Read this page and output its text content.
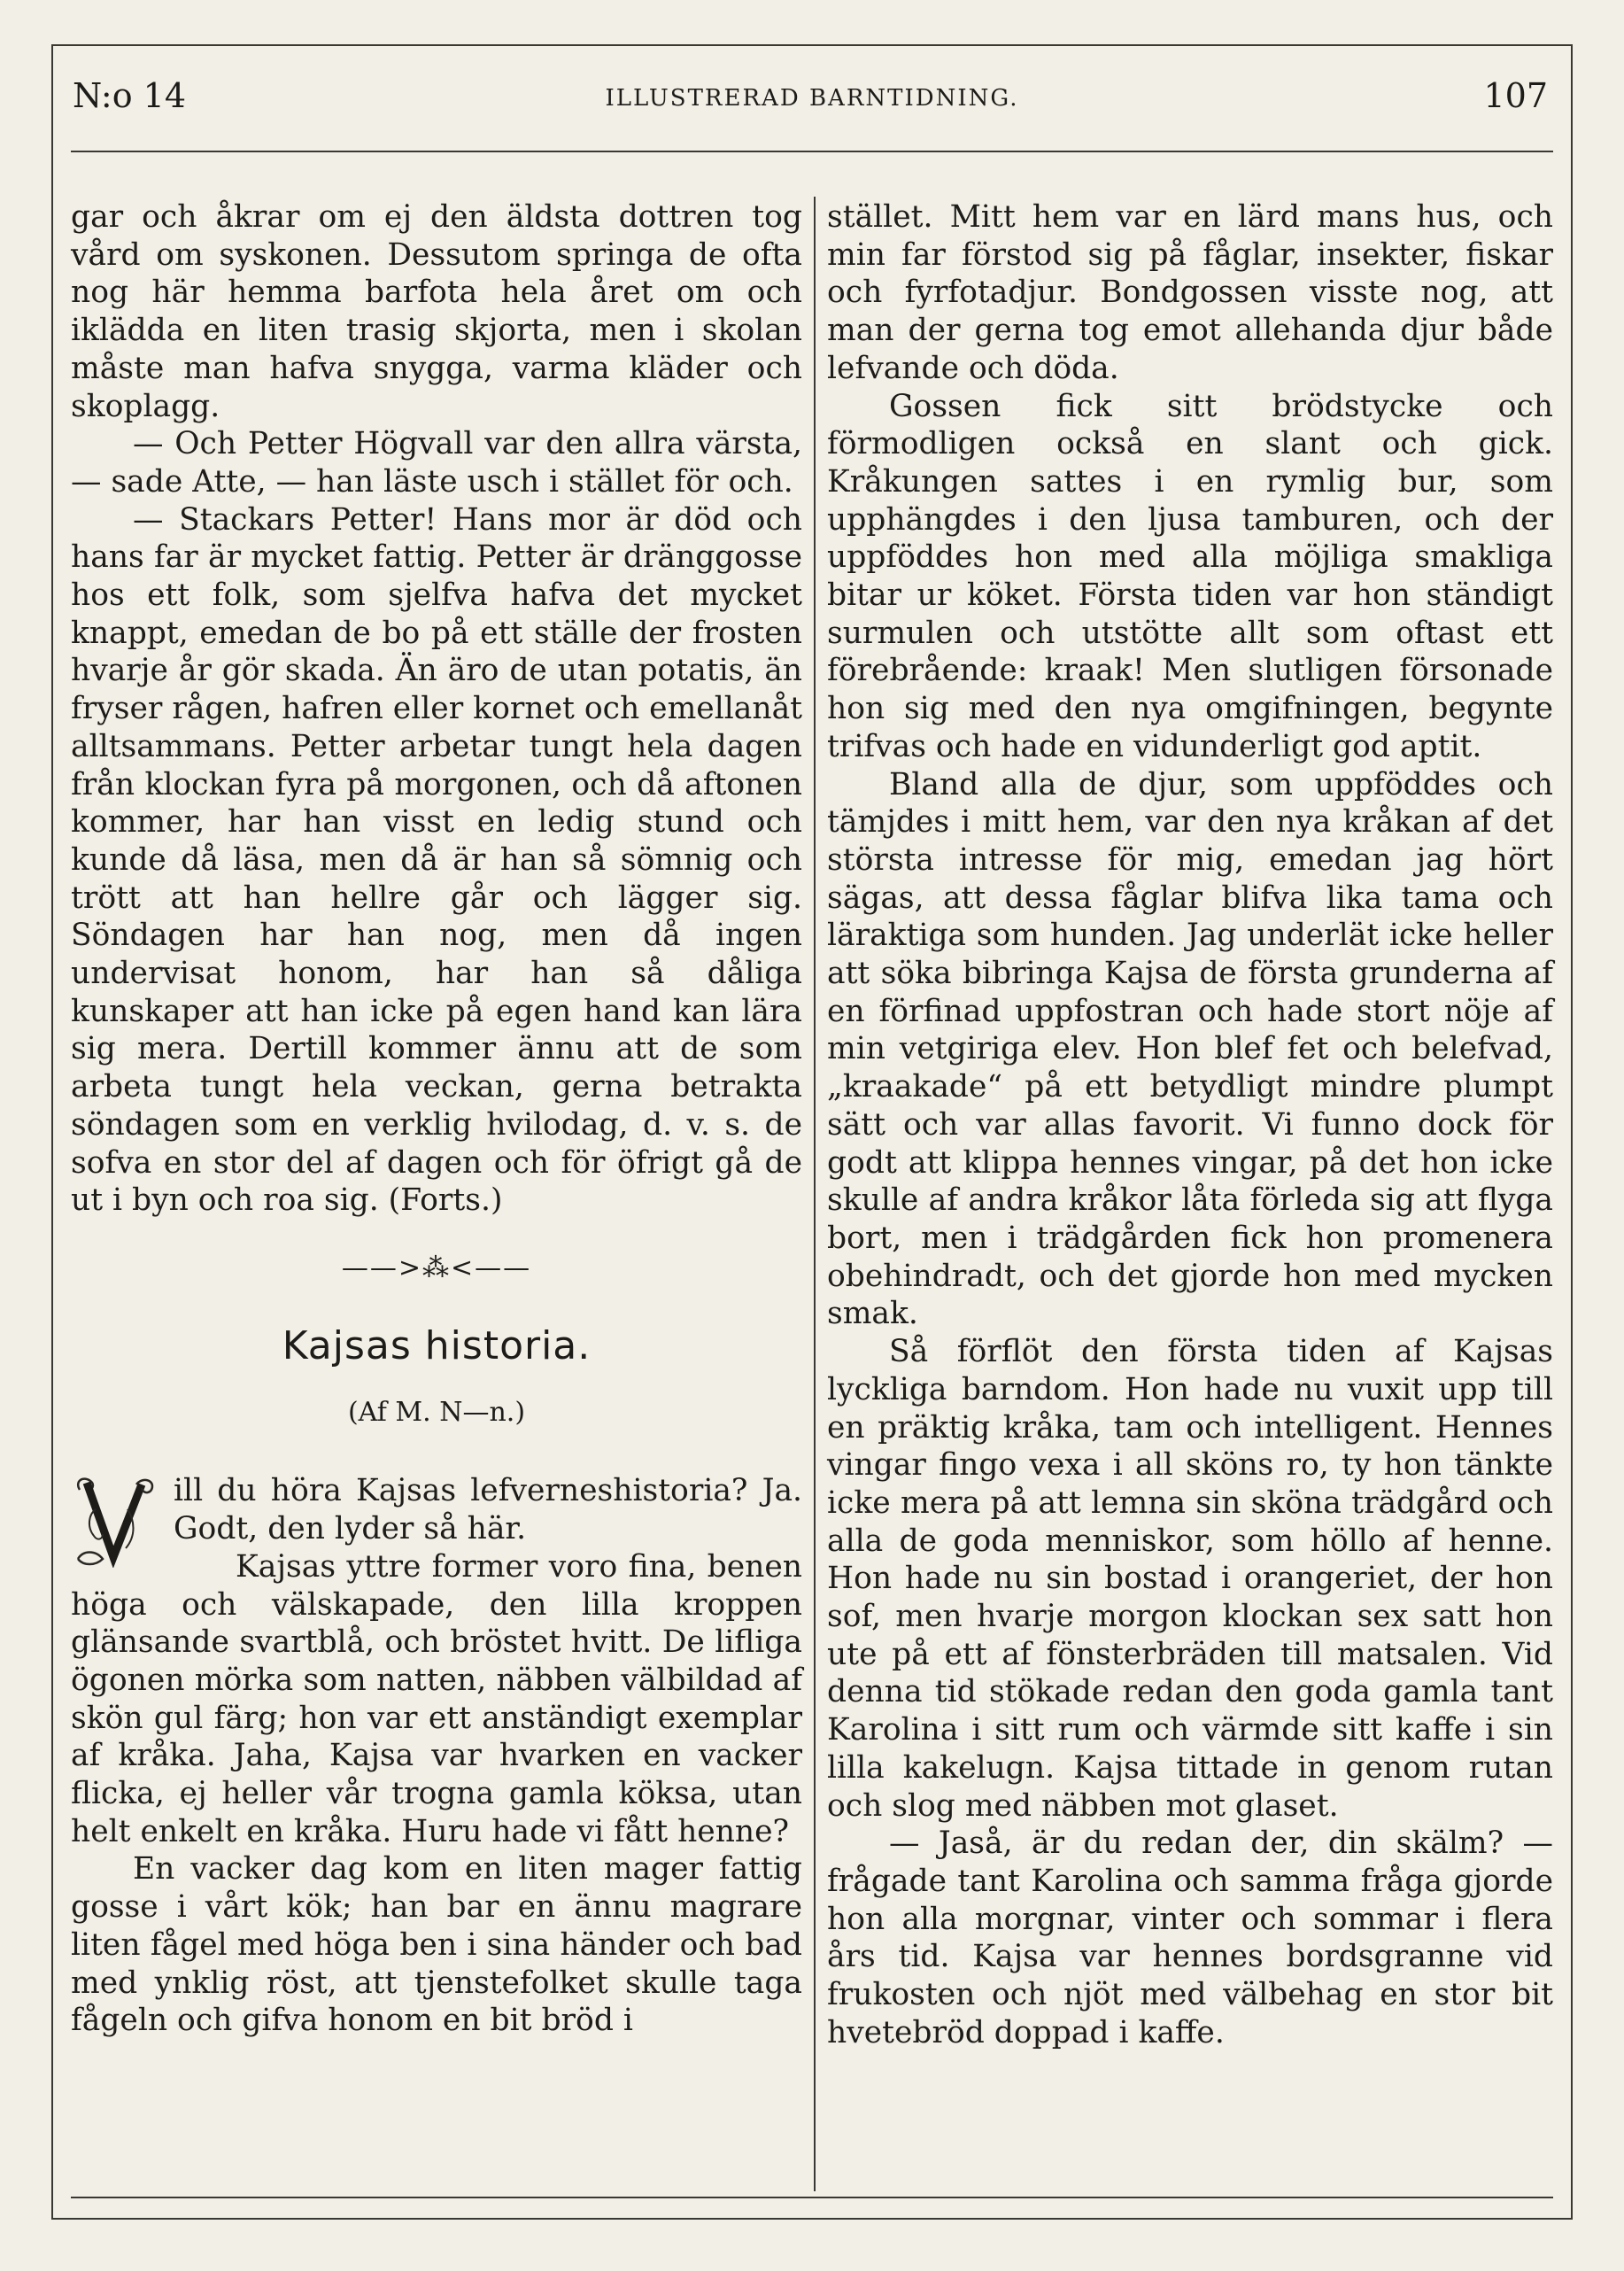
N:o 14	ILLUSTRERAD BARNTIDNING.	107

gar och åkrar om ej den äldsta dottren tog vård om syskonen. Dessutom springa de ofta nog här hemma barfota hela året om och iklädda en liten trasig skjorta, men i skolan måste man hafva snygga, varma kläder och skoplagg.

— Och Petter Högvall var den allra värsta, — sade Atte, — han läste usch i stället för och.

— Stackars Petter! Hans mor är död och hans far är mycket fattig. Petter är dränggosse hos ett folk, som sjelfva hafva det mycket knappt, emedan de bo på ett ställe der frosten hvarje år gör skada. Än äro de utan potatis, än fryser rågen, hafren eller kornet och emellanåt alltsammans. Petter arbetar tungt hela dagen från klockan fyra på morgonen, och då aftonen kommer, har han visst en ledig stund och kunde då läsa, men då är han så sömnig och trött att han hellre går och lägger sig. Söndagen har han nog, men då ingen undervisat honom, har han så dåliga kunskaper att han icke på egen hand kan lära sig mera. Dertill kommer ännu att de som arbeta tungt hela veckan, gerna betrakta söndagen som en verklig hvilodag, d. v. s. de sofva en stor del af dagen och för öfrigt gå de ut i byn och roa sig. (Forts.)

——>⁂<——
Kajsas historia.
(Af M. N—n.)

ill du höra Kajsas lefverneshistoria? Ja. Godt, den lyder så här.

Kajsas yttre former voro fina, benen höga och välskapade, den lilla kroppen glänsande svartblå, och bröstet hvitt. De lifliga ögonen mörka som natten, näbben välbildad af skön gul färg; hon var ett anständigt exemplar af kråka. Jaha, Kajsa var hvarken en vacker flicka, ej heller vår trogna gamla köksa, utan helt enkelt en kråka. Huru hade vi fått henne?

En vacker dag kom en liten mager fattig gosse i vårt kök; han bar en ännu magrare liten fågel med höga ben i sina händer och bad med ynklig röst, att tjenstefolket skulle taga fågeln och gifva honom en bit bröd i

stället. Mitt hem var en lärd mans hus, och min far förstod sig på fåglar, insekter, fiskar och fyrfotadjur. Bondgossen visste nog, att man der gerna tog emot allehanda djur både lefvande och döda.

Gossen fick sitt brödstycke och förmodligen också en slant och gick. Kråkungen sattes i en rymlig bur, som upphängdes i den ljusa tamburen, och der uppföddes hon med alla möjliga smakliga bitar ur köket. Första tiden var hon ständigt surmulen och utstötte allt som oftast ett förebrående: kraak! Men slutligen försonade hon sig med den nya omgifningen, begynte trifvas och hade en vidunderligt god aptit.

Bland alla de djur, som uppföddes och tämjdes i mitt hem, var den nya kråkan af det största intresse för mig, emedan jag hört sägas, att dessa fåglar blifva lika tama och läraktiga som hunden. Jag underlät icke heller att söka bibringa Kajsa de första grunderna af en förfinad uppfostran och hade stort nöje af min vetgiriga elev. Hon blef fet och belefvad, „kraakade“ på ett betydligt mindre plumpt sätt och var allas favorit. Vi funno dock för godt att klippa hennes vingar, på det hon icke skulle af andra kråkor låta förleda sig att flyga bort, men i trädgården fick hon promenera obehindradt, och det gjorde hon med mycken smak.

Så förflöt den första tiden af Kajsas lyckliga barndom. Hon hade nu vuxit upp till en präktig kråka, tam och intelligent. Hennes vingar fingo vexa i all sköns ro, ty hon tänkte icke mera på att lemna sin sköna trädgård och alla de goda menniskor, som höllo af henne. Hon hade nu sin bostad i orangeriet, der hon sof, men hvarje morgon klockan sex satt hon ute på ett af fönsterbräden till matsalen. Vid denna tid stökade redan den goda gamla tant Karolina i sitt rum och värmde sitt kaffe i sin lilla kakelugn. Kajsa tittade in genom rutan och slog med näbben mot glaset.

— Jaså, är du redan der, din skälm? — frågade tant Karolina och samma fråga gjorde hon alla morgnar, vinter och sommar i flera års tid. Kajsa var hennes bordsgranne vid frukosten och njöt med välbehag en stor bit hvetebröd doppad i kaffe.
